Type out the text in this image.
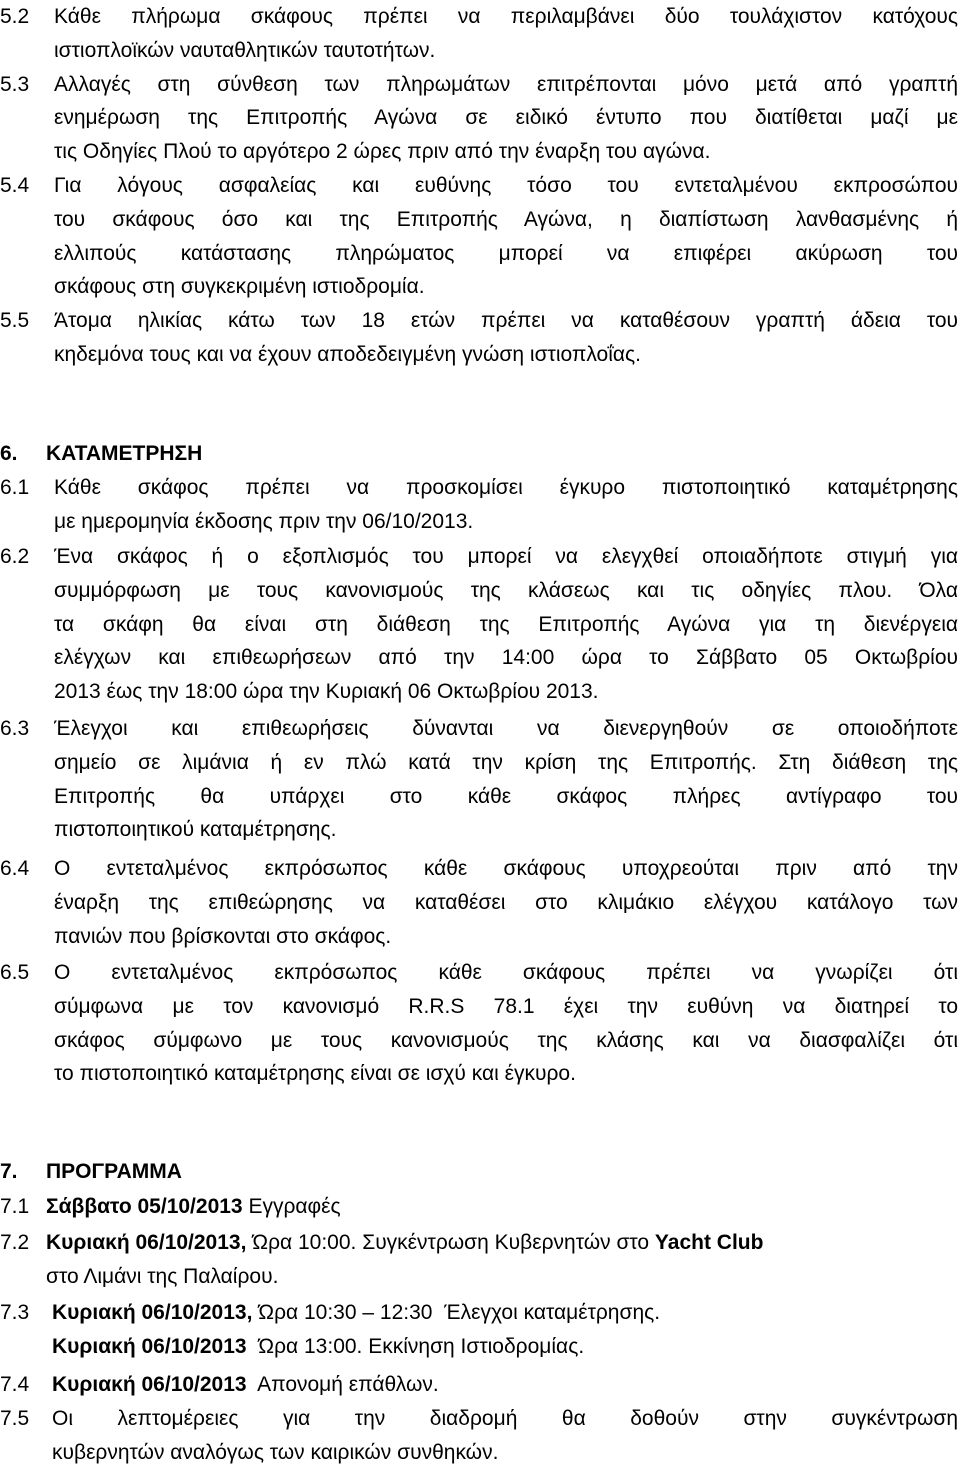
5.2	Κάθε πλήρωμα σκάφους πρέπει να περιλαμβάνει δύο τουλάχιστον κατόχους
ιστιοπλοϊκών ναυταθλητικών ταυτοτήτων.
5.3	Αλλαγές στη σύνθεση των πληρωμάτων επιτρέπονται μόνο μετά από γραπτή
ενημέρωση της Επιτροπής Αγώνα σε ειδικό έντυπο που διατίθεται μαζί με
τις Οδηγίες Πλού το αργότερο 2 ώρες πριν από την έναρξη του αγώνα.
5.4	Για λόγους ασφαλείας και ευθύνης τόσο του εντεταλμένου εκπροσώπου
του σκάφους όσο και της Επιτροπής Αγώνα, η διαπίστωση λανθασμένης ή
ελλιπούς κατάστασης πληρώματος μπορεί να επιφέρει ακύρωση του
σκάφους στη συγκεκριμένη ιστιοδρομία.
5.5	Άτομα ηλικίας κάτω των 18 ετών πρέπει να καταθέσουν γραπτή άδεια του
κηδεμόνα τους και να έχουν αποδεδειγμένη γνώση ιστιοπλοΐας.
6. ΚΑΤΑΜΕΤΡΗΣΗ
6.1	Κάθε σκάφος πρέπει να προσκομίσει έγκυρο πιστοποιητικό καταμέτρησης
με ημερομηνία έκδοσης πριν την 06/10/2013.
6.2	Ένα σκάφος ή ο εξοπλισμός του μπορεί να ελεγχθεί οποιαδήποτε στιγμή για
συμμόρφωση με τους κανονισμούς της κλάσεως και τις οδηγίες πλου. Όλα
τα σκάφη θα είναι στη διάθεση της Επιτροπής Αγώνα για τη διενέργεια
ελέγχων και επιθεωρήσεων από την 14:00 ώρα το Σάββατο 05 Οκτωβρίου
2013 έως την 18:00 ώρα την Κυριακή 06 Οκτωβρίου 2013.
6.3	Έλεγχοι και επιθεωρήσεις δύνανται να διενεργηθούν σε οποιοδήποτε
σημείο σε λιμάνια ή εν πλώ κατά την κρίση της Επιτροπής. Στη διάθεση της
Επιτροπής θα υπάρχει στο κάθε σκάφος πλήρες αντίγραφο του
πιστοποιητικού καταμέτρησης.
6.4	Ο εντεταλμένος εκπρόσωπος κάθε σκάφους υποχρεούται πριν από την
έναρξη της επιθεώρησης να καταθέσει στο κλιμάκιο ελέγχου κατάλογο των
πανιών που βρίσκονται στο σκάφος.
6.5	Ο εντεταλμένος εκπρόσωπος κάθε σκάφους πρέπει να γνωρίζει ότι
σύμφωνα με τον κανονισμό R.R.S 78.1 έχει την ευθύνη να διατηρεί το
σκάφος σύμφωνο με τους κανονισμούς της κλάσης και να διασφαλίζει ότι
το πιστοποιητικό καταμέτρησης είναι σε ισχύ και έγκυρο.
7. ΠΡΟΓΡΑΜΜΑ
7.1 Σάββατο 05/10/2013 Εγγραφές
7.2 Κυριακή 06/10/2013, Ώρα 10:00. Συγκέντρωση Κυβερνητών στο Yacht Club
στο Λιμάνι της Παλαίρου.
7.3	Κυριακή 06/10/2013, Ώρα 10:30 – 12:30  Έλεγχοι καταμέτρησης.
Κυριακή 06/10/2013  Ώρα 13:00. Εκκίνηση Ιστιοδρομίας.
7.4	Κυριακή 06/10/2013  Απονομή επάθλων.
7.5	Οι λεπτομέρειες για την διαδρομή θα δοθούν στην συγκέντρωση
κυβερνητών αναλόγως των καιρικών συνθηκών.
